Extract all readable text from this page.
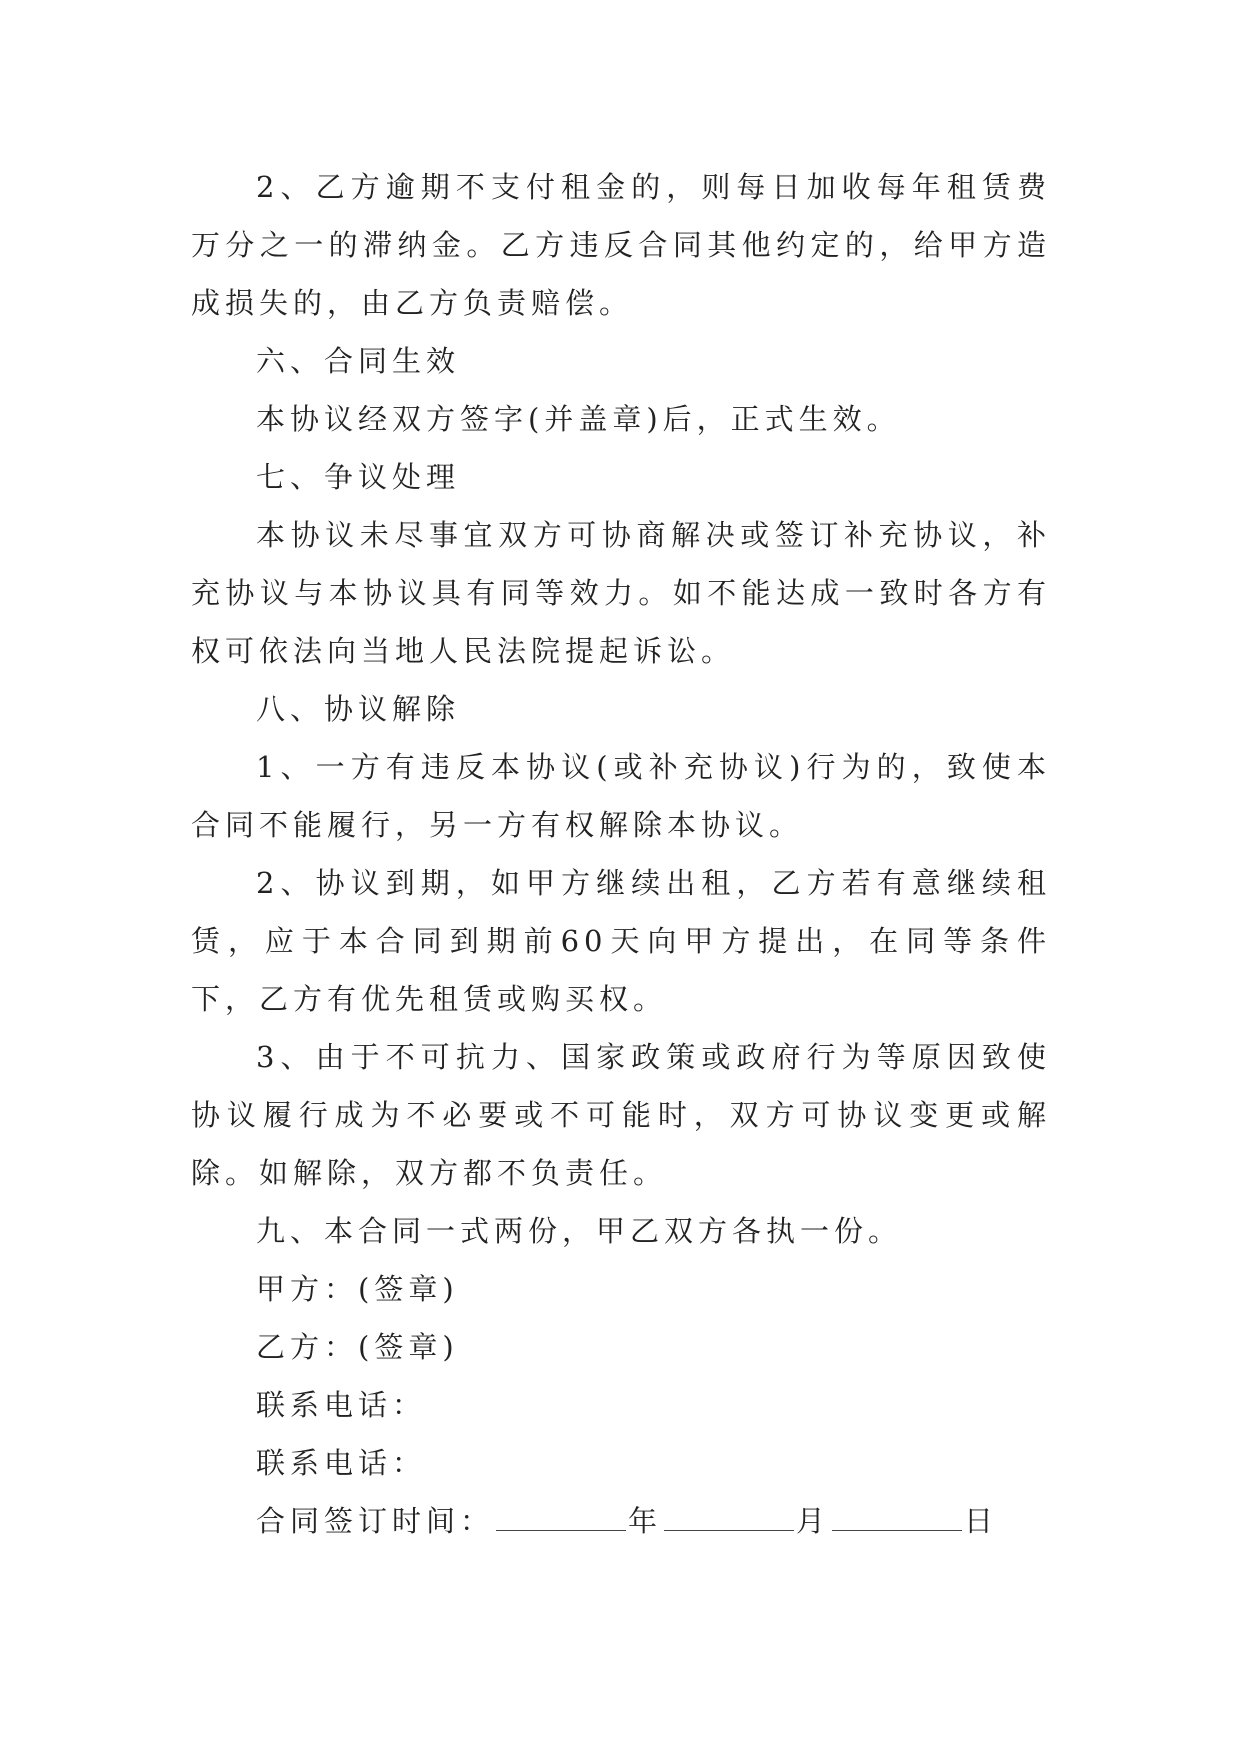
2、乙方逾期不支付租金的，则每日加收每年租赁费万分之一的滞纳金。乙方违反合同其他约定的，给甲方造成损失的，由乙方负责赔偿。

六、合同生效

本协议经双方签字(并盖章)后，正式生效。

七、争议处理

本协议未尽事宜双方可协商解决或签订补充协议，补充协议与本协议具有同等效力。如不能达成一致时各方有权可依法向当地人民法院提起诉讼。

八、协议解除

1、一方有违反本协议(或补充协议)行为的，致使本合同不能履行，另一方有权解除本协议。

2、协议到期，如甲方继续出租，乙方若有意继续租赁，应于本合同到期前60天向甲方提出，在同等条件下，乙方有优先租赁或购买权。

3、由于不可抗力、国家政策或政府行为等原因致使协议履行成为不必要或不可能时，双方可协议变更或解除。如解除，双方都不负责任。

九、本合同一式两份，甲乙双方各执一份。

甲方：(签章)

乙方：(签章)

联系电话：

联系电话：

合同签订时间：	年	月	日
